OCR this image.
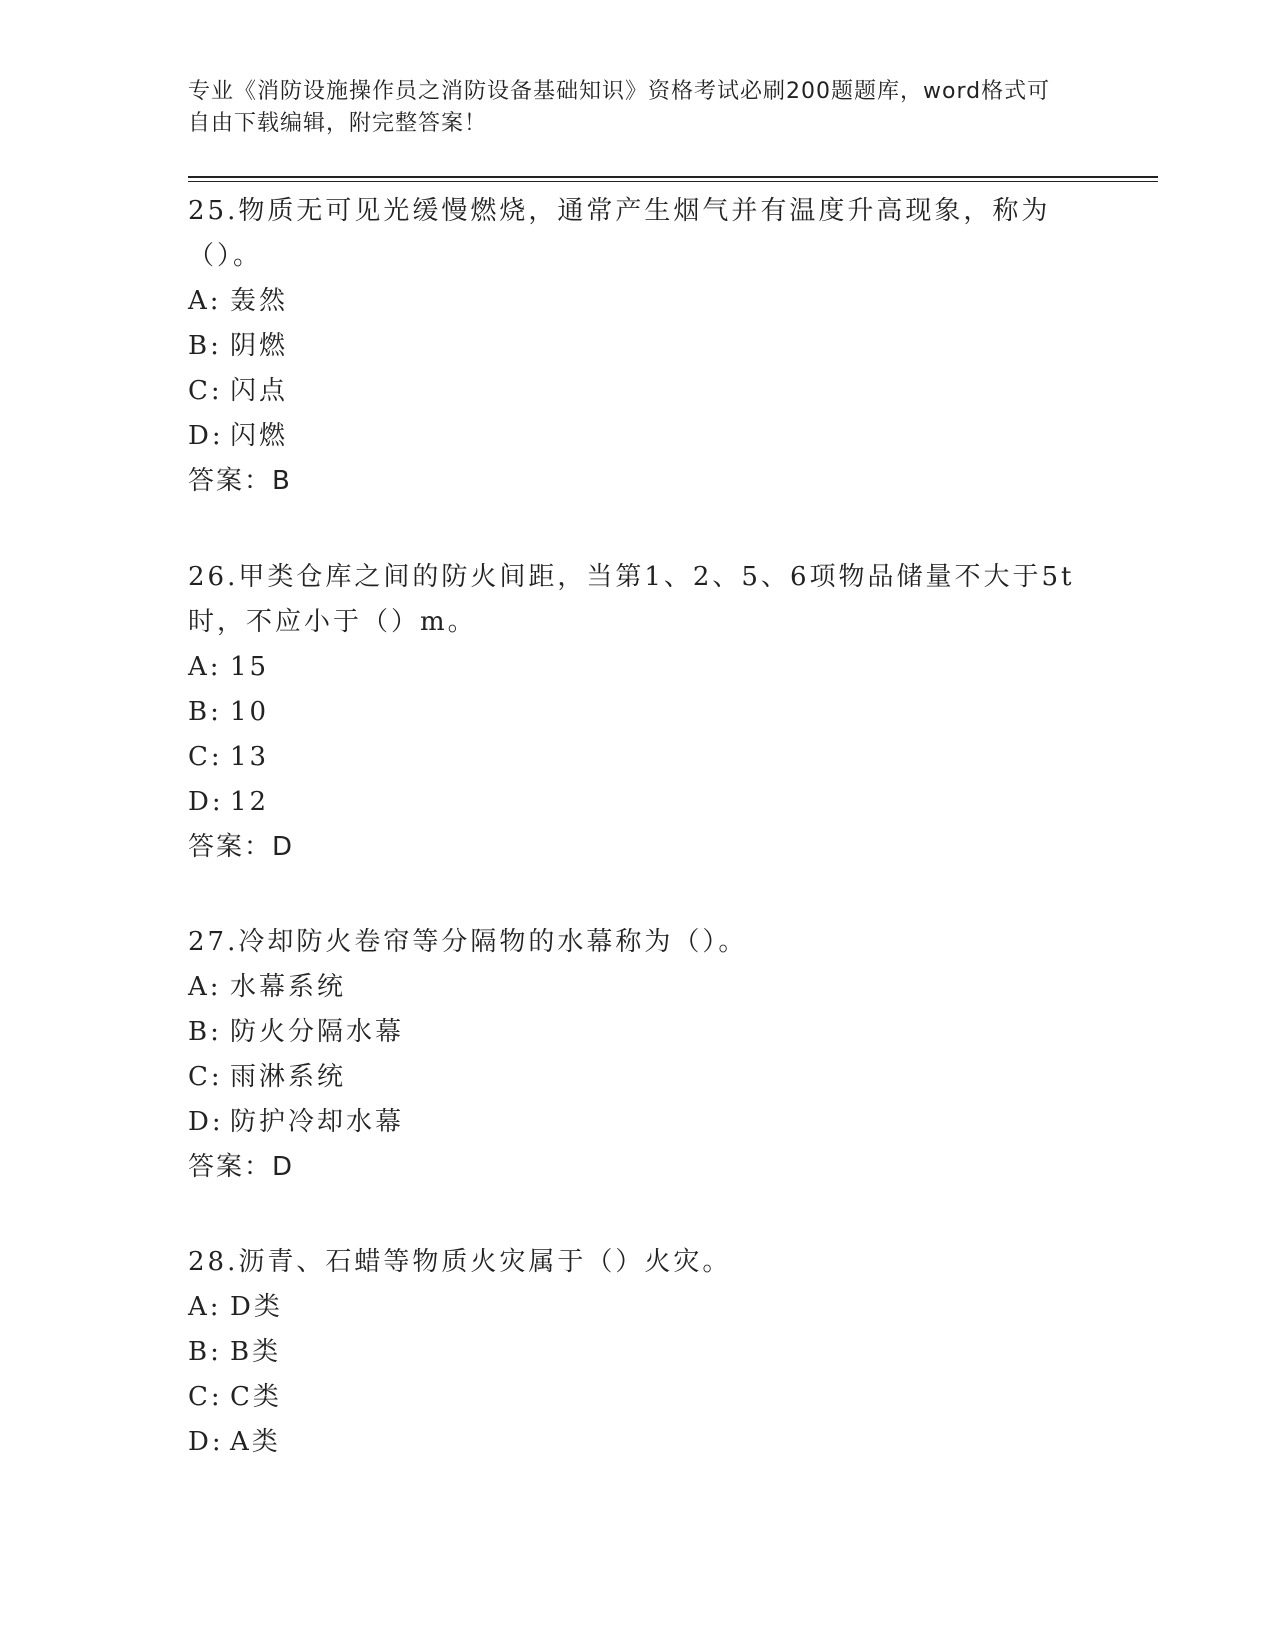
专业《消防设施操作员之消防设备基础知识》资格考试必刷200题题库，word格式可自由下载编辑，附完整答案！

25.物质无可见光缓慢燃烧，通常产生烟气并有温度升高现象，称为（）。

A: 轰然

B: 阴燃

C: 闪点

D: 闪燃

答案：B

26.甲类仓库之间的防火间距，当第1、2、5、6项物品储量不大于5t时，不应小于（）m。

A: 15

B: 10

C: 13

D: 12

答案：D

27.冷却防火卷帘等分隔物的水幕称为（）。

A: 水幕系统

B: 防火分隔水幕

C: 雨淋系统

D: 防护冷却水幕

答案：D

28.沥青、石蜡等物质火灾属于（）火灾。

A: D类

B: B类

C: C类

D: A类
